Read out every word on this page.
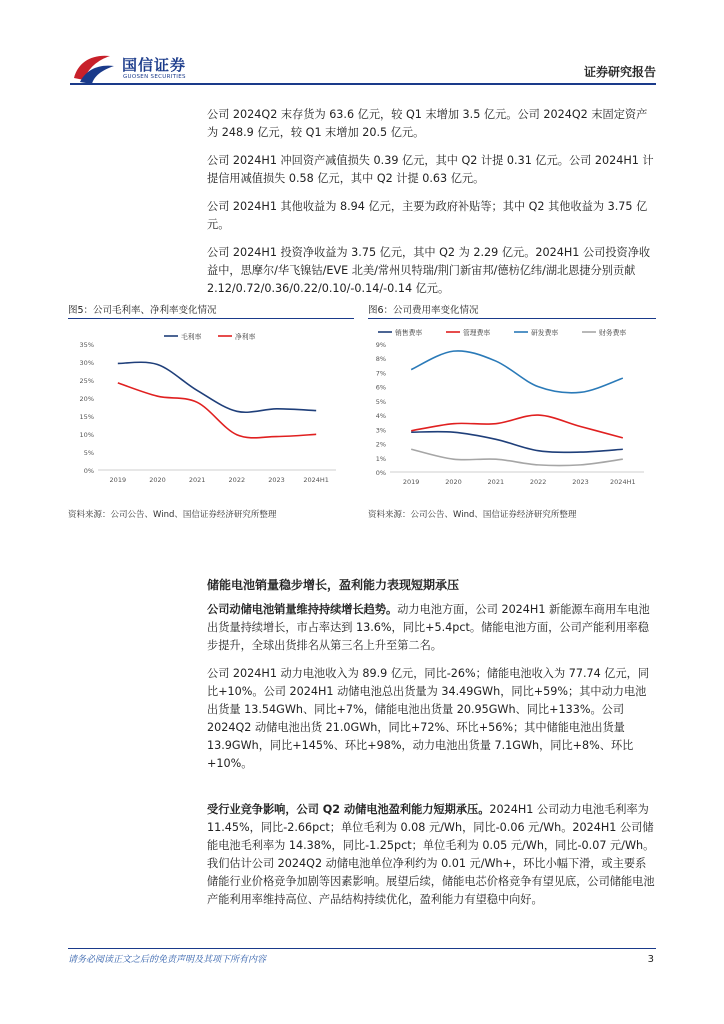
国信证券
GUOSEN SECURITIES	证券研究报告

公司 2024Q2 末存货为 63.6 亿元，较 Q1 末增加 3.5 亿元。公司 2024Q2 末固定资产为 248.9 亿元，较 Q1 末增加 20.5 亿元。

公司 2024H1 冲回资产减值损失 0.39 亿元，其中 Q2 计提 0.31 亿元。公司 2024H1 计提信用减值损失 0.58 亿元，其中 Q2 计提 0.63 亿元。

公司 2024H1 其他收益为 8.94 亿元，主要为政府补贴等；其中 Q2 其他收益为 3.75 亿元。

公司 2024H1 投资净收益为 3.75 亿元，其中 Q2 为 2.29 亿元。2024H1 公司投资净收益中，思摩尔/华飞镍钴/EVE 北美/常州贝特瑞/荆门新宙邦/德枋亿纬/湖北恩捷分别贡献 2.12/0.72/0.36/0.22/0.10/-0.14/-0.14 亿元。

图5：公司毛利率、净利率变化情况
0%
5%
10%
15%
20%
25%
30%
35%
2019	2020	2021	2022	2023	2024H1
毛利率	净利率
资料来源：公司公告、Wind、国信证券经济研究所整理
图6：公司费用率变化情况
0%
1%
2%
3%
4%
5%
6%
7%
8%
9%
2019	2020	2021	2022	2023	2024H1
销售费率	管理费率	研发费率	财务费率
资料来源：公司公告、Wind、国信证券经济研究所整理
储能电池销量稳步增长，盈利能力表现短期承压

公司动储电池销量维持持续增长趋势。动力电池方面，公司 2024H1 新能源车商用车电池出货量持续增长，市占率达到 13.6%，同比+5.4pct。储能电池方面，公司产能利用率稳步提升，全球出货排名从第三名上升至第二名。

公司 2024H1 动力电池收入为 89.9 亿元，同比-26%；储能电池收入为 77.74 亿元，同比+10%。公司 2024H1 动储电池总出货量为 34.49GWh，同比+59%；其中动力电池出货量 13.54GWh、同比+7%，储能电池出货量 20.95GWh、同比+133%。公司 2024Q2 动储电池出货 21.0GWh，同比+72%、环比+56%；其中储能电池出货量 13.9GWh，同比+145%、环比+98%，动力电池出货量 7.1GWh，同比+8%、环比+10%。

受行业竞争影响，公司 Q2 动储电池盈利能力短期承压。2024H1 公司动力电池毛利率为 11.45%，同比-2.66pct；单位毛利为 0.08 元/Wh，同比-0.06 元/Wh。2024H1 公司储能电池毛利率为 14.38%，同比-1.25pct；单位毛利为 0.05 元/Wh，同比-0.07 元/Wh。我们估计公司 2024Q2 动储电池单位净利约为 0.01 元/Wh+，环比小幅下滑，或主要系储能行业价格竞争加剧等因素影响。展望后续，储能电芯价格竞争有望见底，公司储能电池产能利用率维持高位、产品结构持续优化，盈利能力有望稳中向好。

请务必阅读正文之后的免责声明及其项下所有内容	3
